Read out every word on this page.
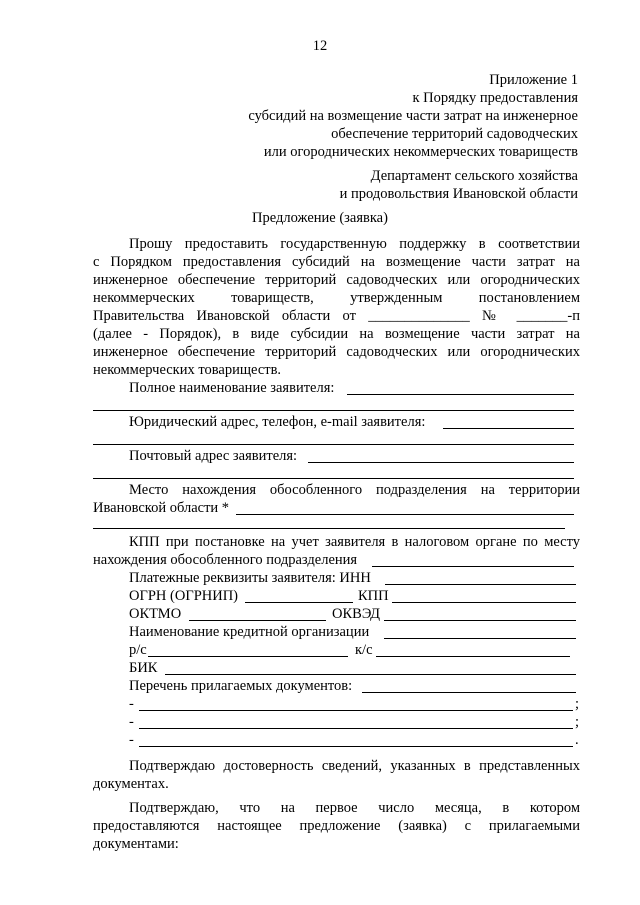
12
Приложение 1
к Порядку предоставления
субсидий на возмещение части затрат на инженерное
обеспечение территорий садоводческих
или огороднических некоммерческих товариществ
Департамент сельского хозяйства
и продовольствия Ивановской области
Предложение (заявка)
Прошу предоставить государственную поддержку в соответствии
с Порядком предоставления субсидий на возмещение части затрат на
инженерное обеспечение территорий садоводческих или огороднических
некоммерческих товариществ, утвержденным постановлением
Правительства Ивановской области от ______________ № _______-п
(далее - Порядок), в виде субсидии на возмещение части затрат на
инженерное обеспечение территорий садоводческих или огороднических
некоммерческих товариществ.
Полное наименование заявителя:
Юридический адрес, телефон, e-mail заявителя:
Почтовый адрес заявителя:
Место нахождения обособленного подразделения на территории
Ивановской области *
КПП при постановке на учет заявителя в налоговом органе по месту
нахождения обособленного подразделения
Платежные реквизиты заявителя: ИНН
ОГРН (ОГРНИП)	КПП
ОКТМО	ОКВЭД
Наименование кредитной организации
р/с	к/с
БИК
Перечень прилагаемых документов:
-	;
-	;
-	.
Подтверждаю достоверность сведений, указанных в представленных
документах.
Подтверждаю, что на первое число месяца, в котором
предоставляются настоящее предложение (заявка) с прилагаемыми
документами:
